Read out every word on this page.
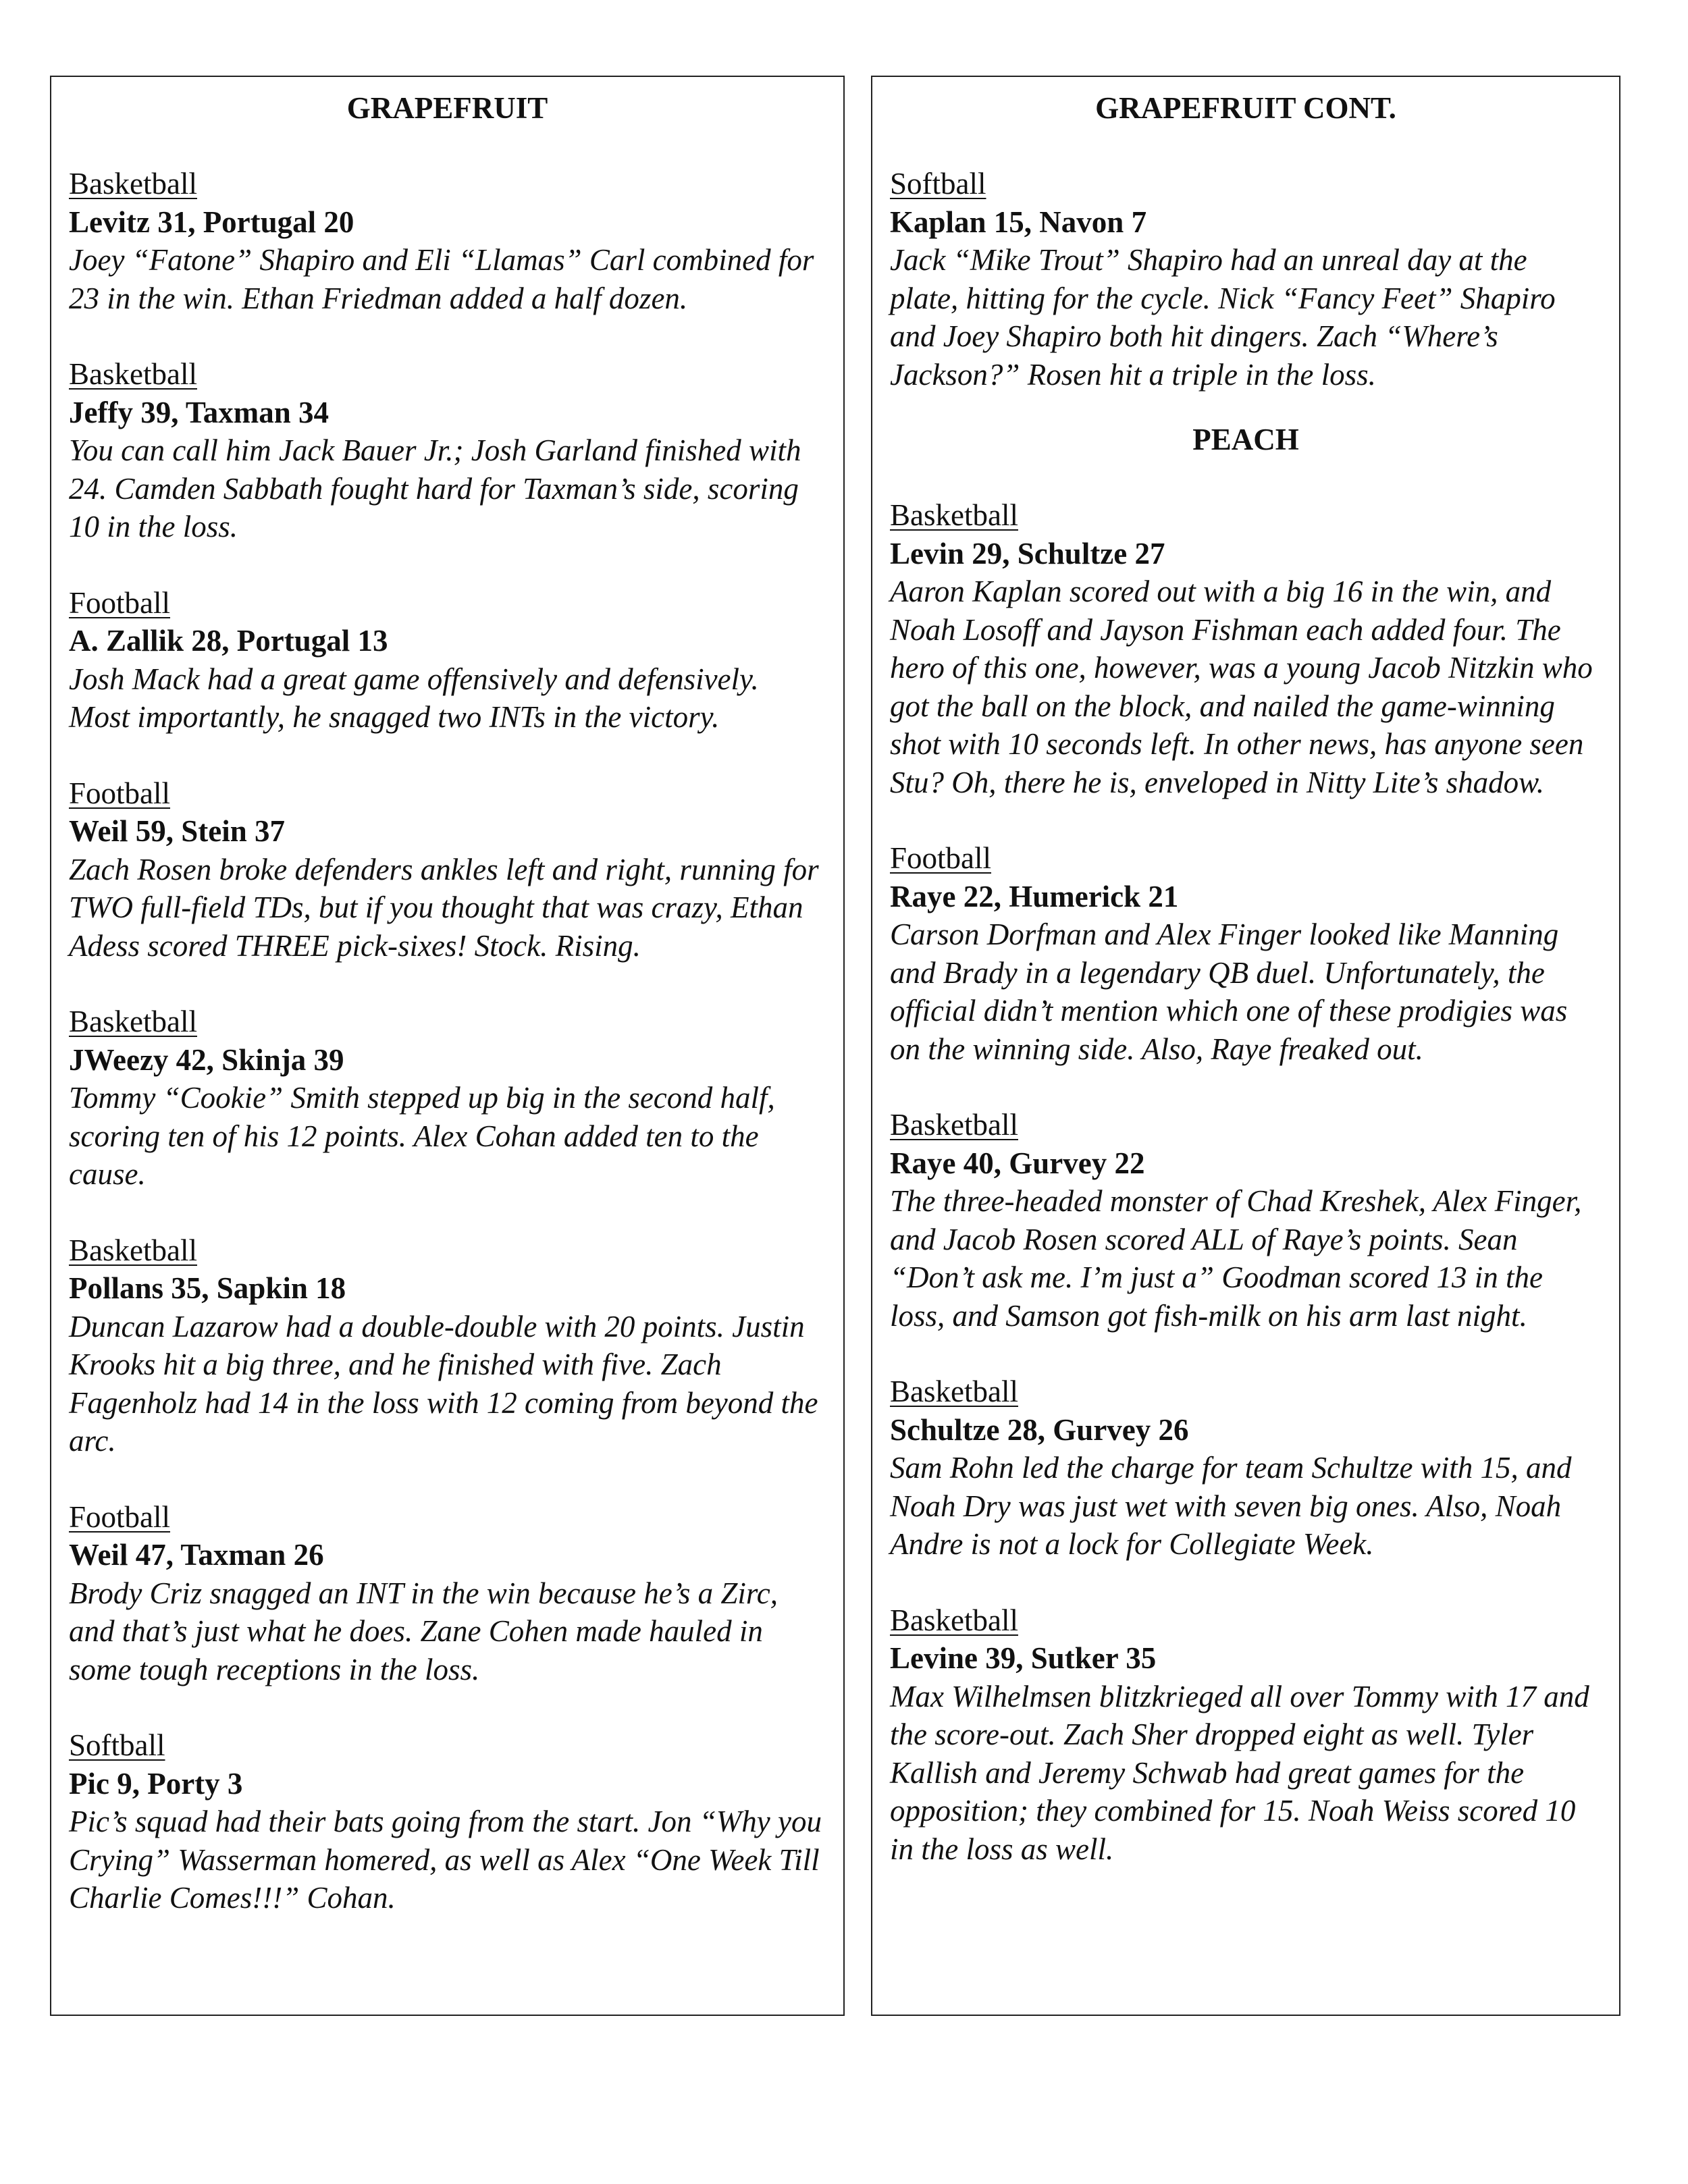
GRAPEFRUIT
Basketball
Levitz 31, Portugal 20

Joey “Fatone” Shapiro and Eli “Llamas” Carl combined for 23 in the win. Ethan Friedman added a half dozen.

Basketball
Jeffy 39, Taxman 34

You can call him Jack Bauer Jr.; Josh Garland finished with 24. Camden Sabbath fought hard for Taxman’s side, scoring 10 in the loss.

Football
A. Zallik 28, Portugal 13

Josh Mack had a great game offensively and defensively. Most importantly, he snagged two INTs in the victory.

Football
Weil 59, Stein 37

Zach Rosen broke defenders ankles left and right, running for TWO full-field TDs, but if you thought that was crazy, Ethan Adess scored THREE pick-sixes! Stock. Rising.

Basketball
JWeezy 42, Skinja 39

Tommy “Cookie” Smith stepped up big in the second half, scoring ten of his 12 points. Alex Cohan added ten to the cause.

Basketball
Pollans 35, Sapkin 18

Duncan Lazarow had a double-double with 20 points. Justin Krooks hit a big three, and he finished with five. Zach Fagenholz had 14 in the loss with 12 coming from beyond the arc.

Football
Weil 47, Taxman 26

Brody Criz snagged an INT in the win because he’s a Zirc, and that’s just what he does. Zane Cohen made hauled in some tough receptions in the loss.

Softball
Pic 9, Porty 3

Pic’s squad had their bats going from the start. Jon “Why you Crying” Wasserman homered, as well as Alex “One Week Till Charlie Comes!!!” Cohan.

GRAPEFRUIT CONT.
Softball
Kaplan 15, Navon 7

Jack “Mike Trout” Shapiro had an unreal day at the plate, hitting for the cycle. Nick “Fancy Feet” Shapiro and Joey Shapiro both hit dingers. Zach “Where’s Jackson?” Rosen hit a triple in the loss.

PEACH
Basketball
Levin 29, Schultze 27

Aaron Kaplan scored out with a big 16 in the win, and Noah Losoff and Jayson Fishman each added four. The hero of this one, however, was a young Jacob Nitzkin who got the ball on the block, and nailed the game-winning shot with 10 seconds left. In other news, has anyone seen Stu? Oh, there he is, enveloped in Nitty Lite’s shadow.

Football
Raye 22, Humerick 21

Carson Dorfman and Alex Finger looked like Manning and Brady in a legendary QB duel. Unfortunately, the official didn’t mention which one of these prodigies was on the winning side. Also, Raye freaked out.

Basketball
Raye 40, Gurvey 22

The three-headed monster of Chad Kreshek, Alex Finger, and Jacob Rosen scored ALL of Raye’s points. Sean “Don’t ask me. I’m just a” Goodman scored 13 in the loss, and Samson got fish-milk on his arm last night.

Basketball
Schultze 28, Gurvey 26

Sam Rohn led the charge for team Schultze with 15, and Noah Dry was just wet with seven big ones. Also, Noah Andre is not a lock for Collegiate Week.

Basketball
Levine 39, Sutker 35

Max Wilhelmsen blitzkrieged all over Tommy with 17 and the score-out. Zach Sher dropped eight as well. Tyler Kallish and Jeremy Schwab had great games for the opposition; they combined for 15. Noah Weiss scored 10 in the loss as well.
